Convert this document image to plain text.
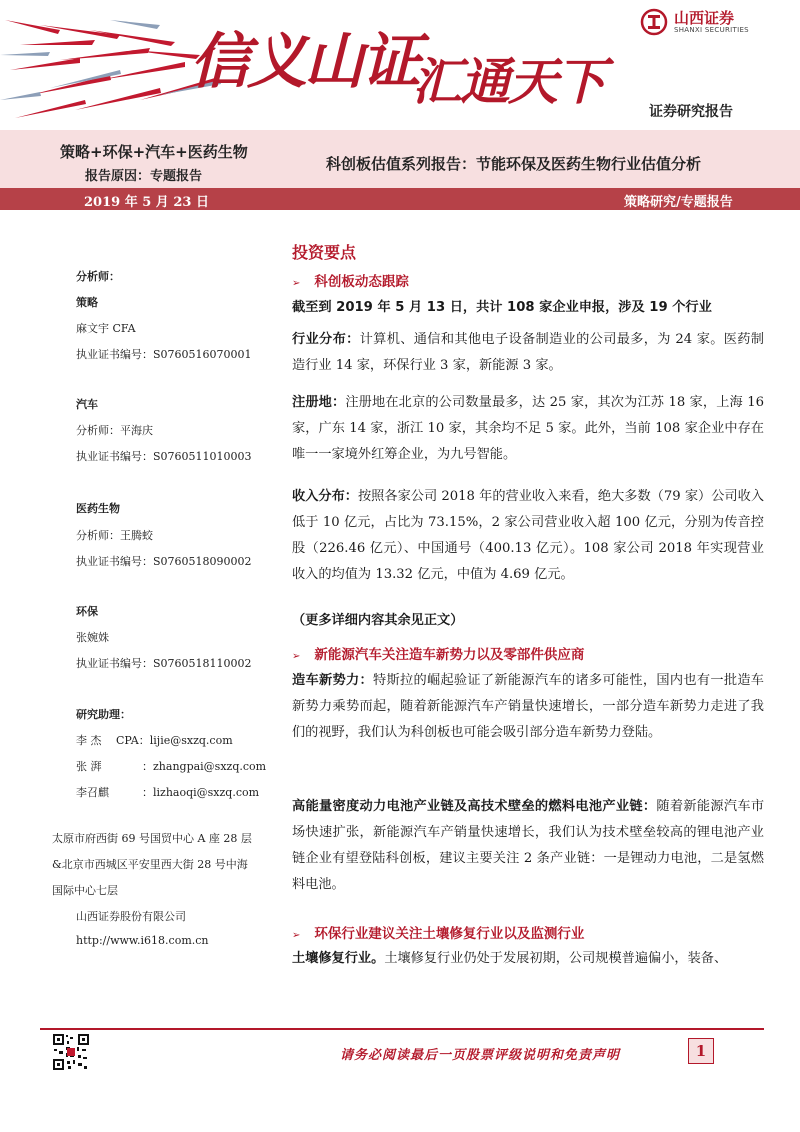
信义山证
汇通天下
山西证券
SHANXI SECURITIES
证券研究报告
策略+环保+汽车+医药生物
报告原因：专题报告
科创板估值系列报告：节能环保及医药生物行业估值分析
2019 年 5 月 23 日	策略研究/专题报告
分析师：
策略
麻文宇 CFA
执业证书编号：S0760516070001
汽车
分析师：平海庆
执业证书编号：S0760511010003
医药生物
分析师：王腾蛟
执业证书编号：S0760518090002
环保
张婉姝
执业证书编号：S0760518110002
研究助理：
李 杰 CPA：lijie@sxzq.com
张 湃	：zhangpai@sxzq.com
李召麒	：lizhaoqi@sxzq.com
太原市府西街 69 号国贸中心 A 座 28 层
&北京市西城区平安里西大街 28 号中海
国际中心七层
山西证券股份有限公司
http://www.i618.com.cn
投资要点
➢ 科创板动态跟踪
截至到 2019 年 5 月 13 日，共计 108 家企业申报，涉及 19 个行业
行业分布：计算机、通信和其他电子设备制造业的公司最多，为 24 家。医药制造行业 14 家，环保行业 3 家，新能源 3 家。
注册地：注册地在北京的公司数量最多，达 25 家，其次为江苏 18 家，上海 16 家，广东 14 家，浙江 10 家，其余均不足 5 家。此外，当前 108 家企业中存在唯一一家境外红筹企业，为九号智能。
收入分布：按照各家公司 2018 年的营业收入来看，绝大多数（79 家）公司收入低于 10 亿元，占比为 73.15%，2 家公司营业收入超 100 亿元，分别为传音控股（226.46 亿元）、中国通号（400.13 亿元）。108 家公司 2018 年实现营业收入的均值为 13.32 亿元，中值为 4.69 亿元。
（更多详细内容其余见正文）
➢ 新能源汽车关注造车新势力以及零部件供应商
造车新势力：特斯拉的崛起验证了新能源汽车的诸多可能性，国内也有一批造车新势力乘势而起，随着新能源汽车产销量快速增长，一部分造车新势力走进了我们的视野，我们认为科创板也可能会吸引部分造车新势力登陆。
高能量密度动力电池产业链及高技术壁垒的燃料电池产业链：随着新能源汽车市场快速扩张，新能源汽车产销量快速增长，我们认为技术壁垒较高的锂电池产业链企业有望登陆科创板，建议主要关注 2 条产业链：一是锂动力电池，二是氢燃料电池。
➢ 环保行业建议关注土壤修复行业以及监测行业
土壤修复行业。土壤修复行业仍处于发展初期，公司规模普遍偏小，装备、
请务必阅读最后一页股票评级说明和免责声明	1
